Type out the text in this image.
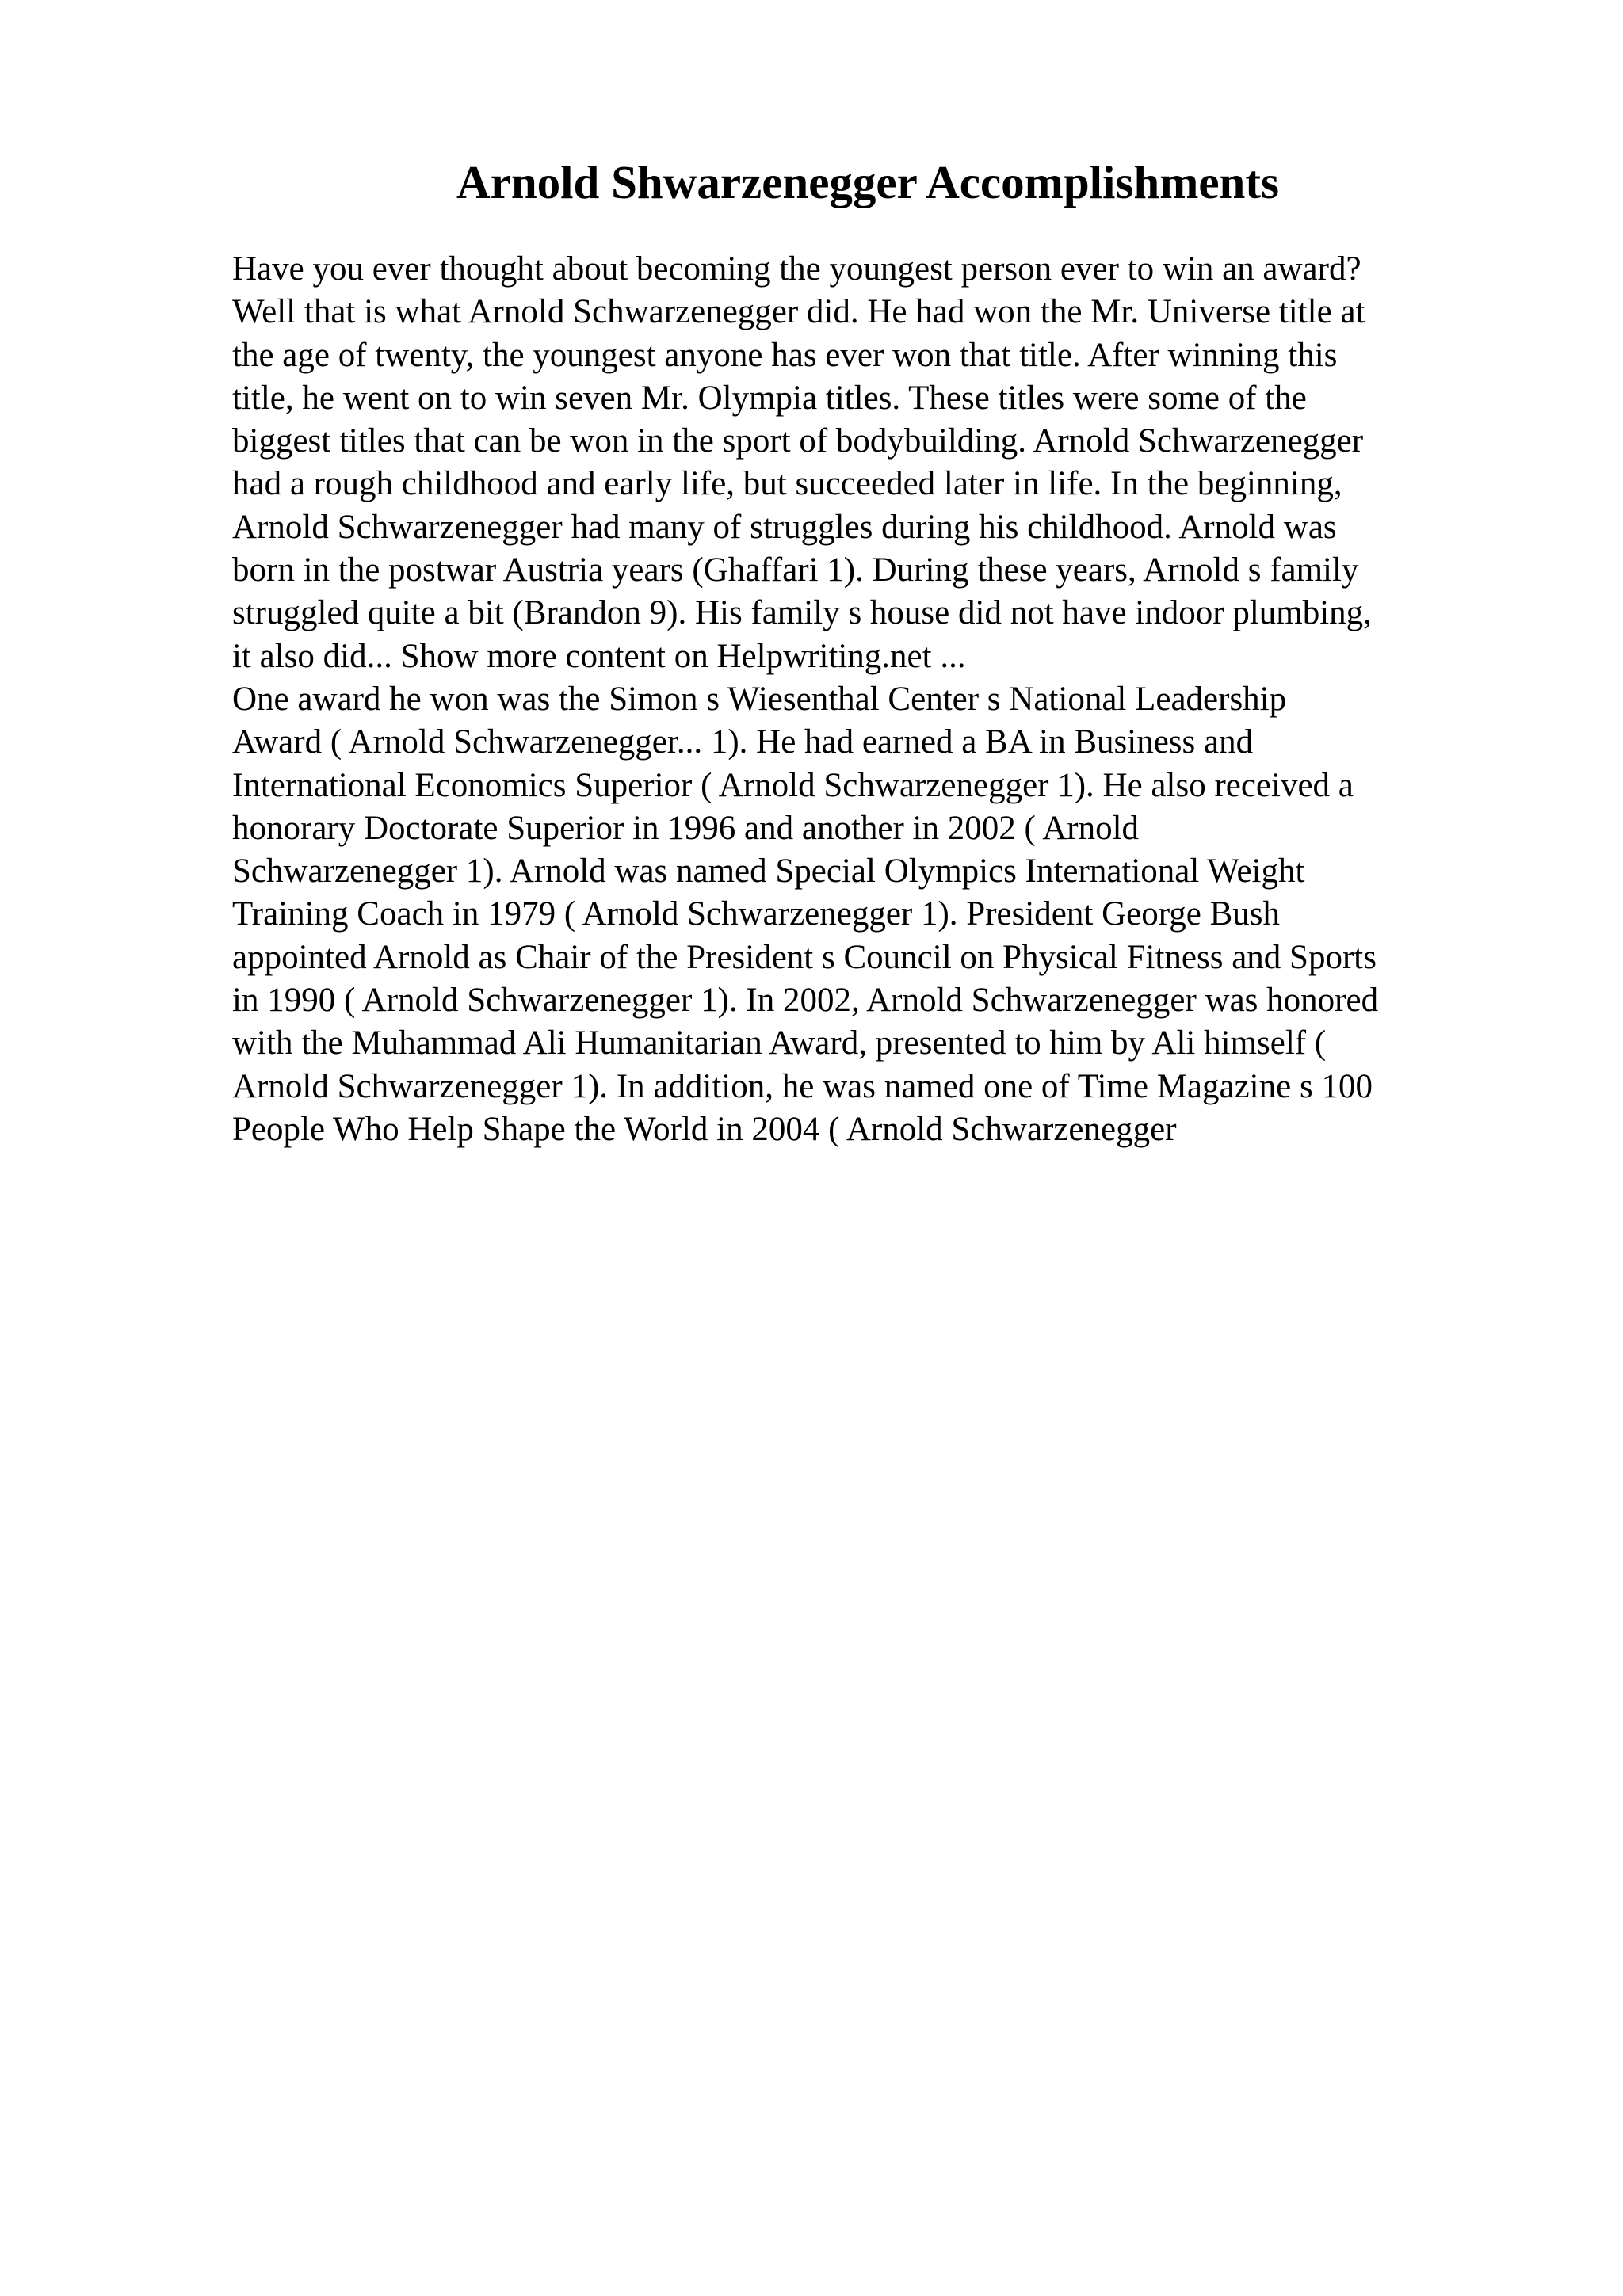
Arnold Shwarzenegger Accomplishments
Have you ever thought about becoming the youngest person ever to win an award?
Well that is what Arnold Schwarzenegger did. He had won the Mr. Universe title at
the age of twenty, the youngest anyone has ever won that title. After winning this
title, he went on to win seven Mr. Olympia titles. These titles were some of the
biggest titles that can be won in the sport of bodybuilding. Arnold Schwarzenegger
had a rough childhood and early life, but succeeded later in life. In the beginning,
Arnold Schwarzenegger had many of struggles during his childhood. Arnold was
born in the postwar Austria years (Ghaffari 1). During these years, Arnold s family
struggled quite a bit (Brandon 9). His family s house did not have indoor plumbing,
it also did... Show more content on Helpwriting.net ...
One award he won was the Simon s Wiesenthal Center s National Leadership
Award ( Arnold Schwarzenegger... 1). He had earned a BA in Business and
International Economics Superior ( Arnold Schwarzenegger 1). He also received a
honorary Doctorate Superior in 1996 and another in 2002 ( Arnold
Schwarzenegger 1). Arnold was named Special Olympics International Weight
Training Coach in 1979 ( Arnold Schwarzenegger 1). President George Bush
appointed Arnold as Chair of the President s Council on Physical Fitness and Sports
in 1990 ( Arnold Schwarzenegger 1). In 2002, Arnold Schwarzenegger was honored
with the Muhammad Ali Humanitarian Award, presented to him by Ali himself (
Arnold Schwarzenegger 1). In addition, he was named one of Time Magazine s 100
People Who Help Shape the World in 2004 ( Arnold Schwarzenegger
